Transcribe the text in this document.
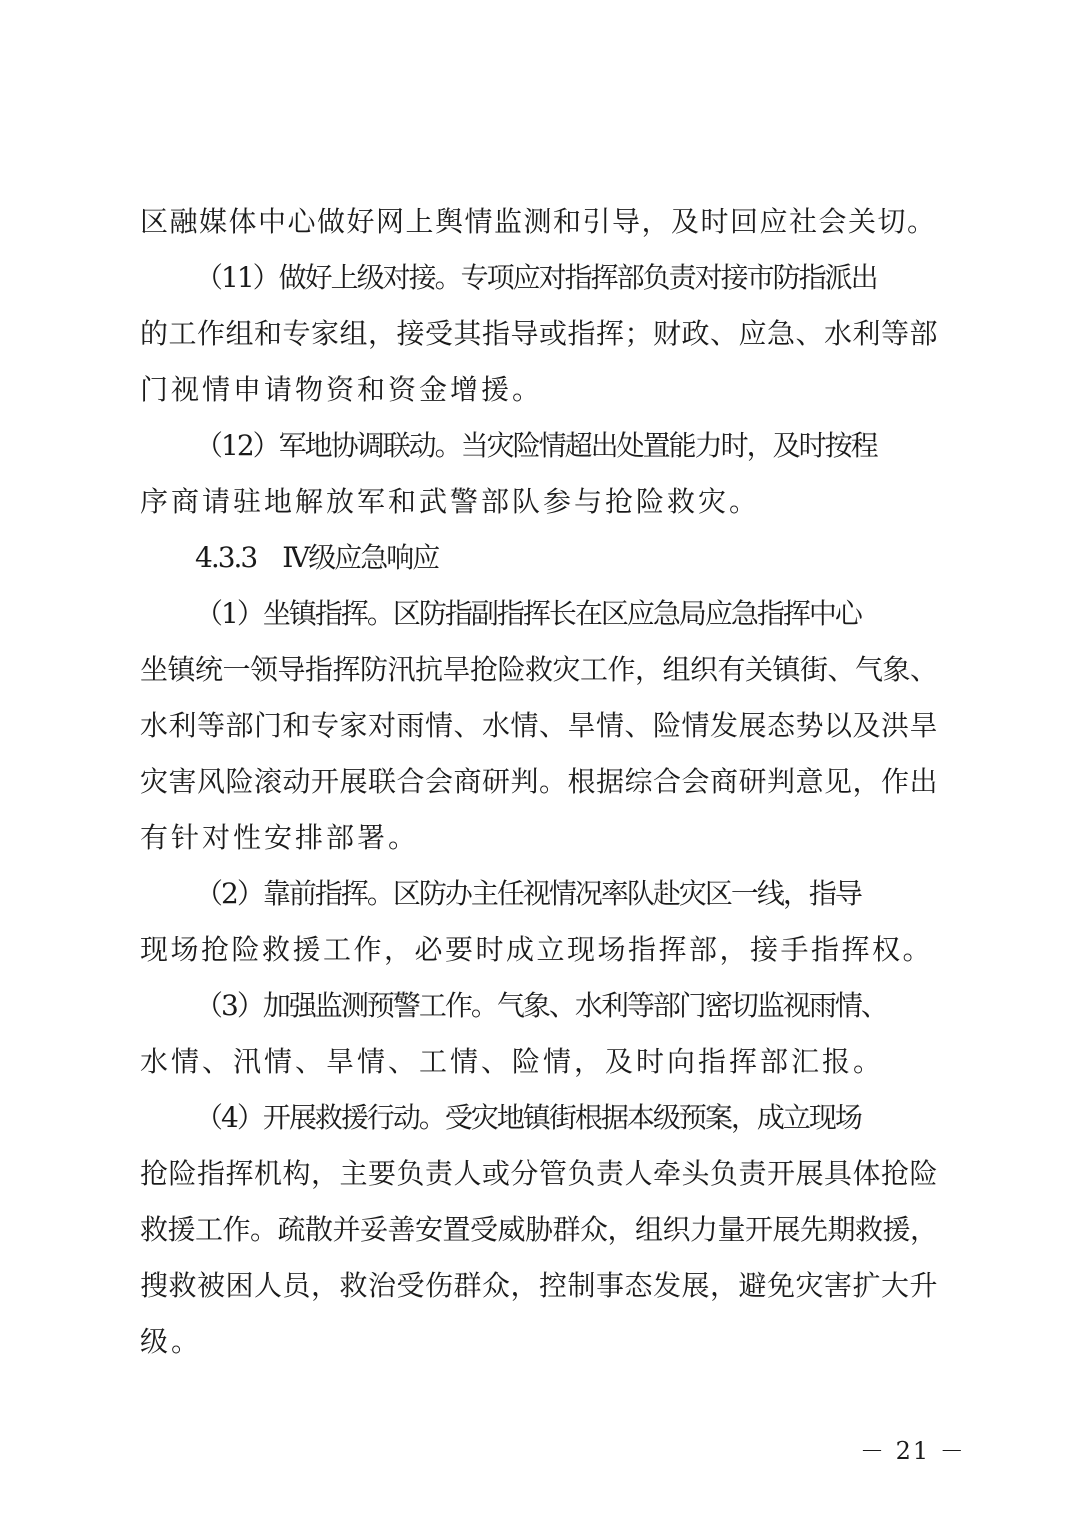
区融媒体中心做好网上舆情监测和引导，及时回应社会关切。
（11）做好上级对接。专项应对指挥部负责对接市防指派出
的工作组和专家组，接受其指导或指挥；财政、应急、水利等部
门视情申请物资和资金增援。
（12）军地协调联动。当灾险情超出处置能力时，及时按程
序商请驻地解放军和武警部队参与抢险救灾。
4.3.3　Ⅳ级应急响应
（1）坐镇指挥。区防指副指挥长在区应急局应急指挥中心
坐镇统一领导指挥防汛抗旱抢险救灾工作，组织有关镇街、气象、
水利等部门和专家对雨情、水情、旱情、险情发展态势以及洪旱
灾害风险滚动开展联合会商研判。根据综合会商研判意见，作出
有针对性安排部署。
（2）靠前指挥。区防办主任视情况率队赴灾区一线，指导
现场抢险救援工作，必要时成立现场指挥部，接手指挥权。
（3）加强监测预警工作。气象、水利等部门密切监视雨情、
水情、汛情、旱情、工情、险情，及时向指挥部汇报。
（4）开展救援行动。受灾地镇街根据本级预案，成立现场
抢险指挥机构，主要负责人或分管负责人牵头负责开展具体抢险
救援工作。疏散并妥善安置受威胁群众，组织力量开展先期救援，
搜救被困人员，救治受伤群众，控制事态发展，避免灾害扩大升
级。
－ 21 －
